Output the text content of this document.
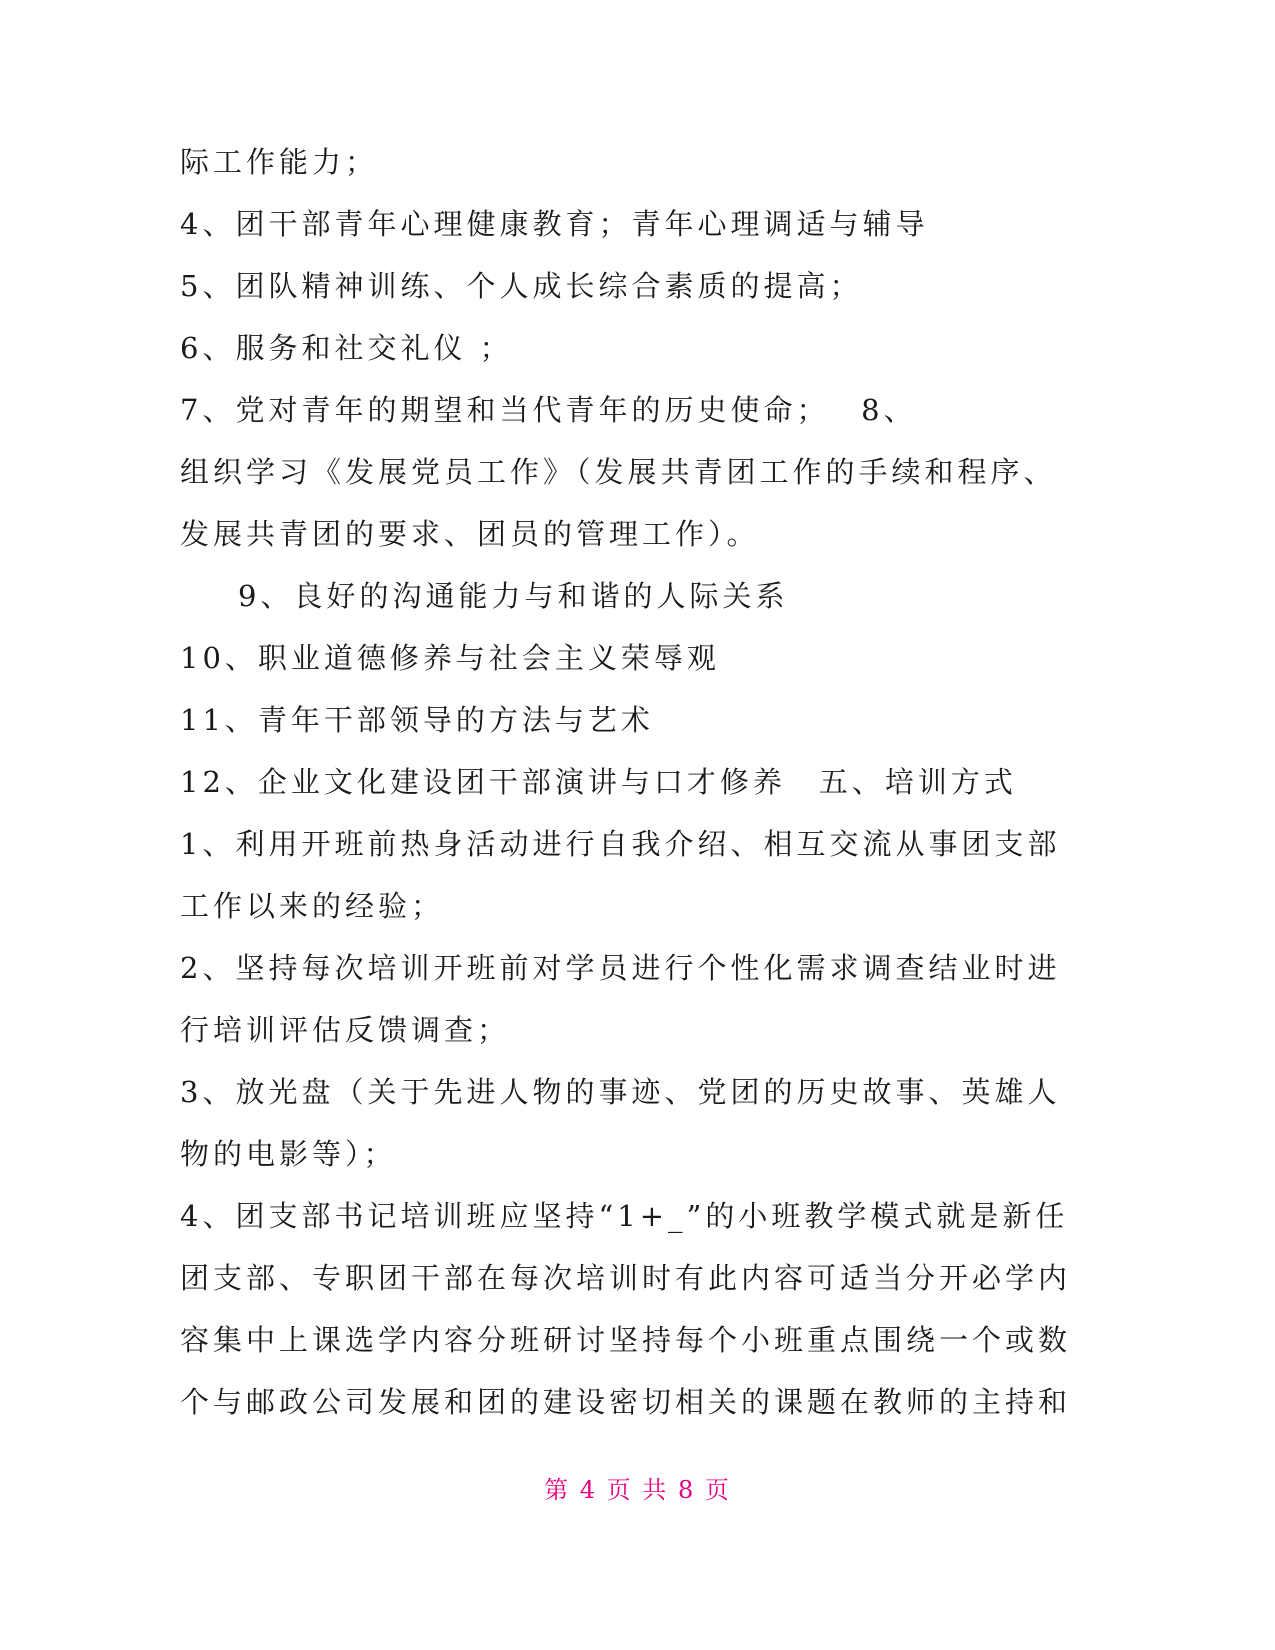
际工作能力；
4、团干部青年心理健康教育；青年心理调适与辅导
5、团队精神训练、个人成长综合素质的提高；
6、服务和社交礼仪 ；
7、党对青年的期望和当代青年的历史使命；　 8、
组织学习《发展党员工作》（发展共青团工作的手续和程序、
发展共青团的要求、团员的管理工作）。
9、良好的沟通能力与和谐的人际关系
10、职业道德修养与社会主义荣辱观
11、青年干部领导的方法与艺术
12、企业文化建设团干部演讲与口才修养　五、培训方式
1、利用开班前热身活动进行自我介绍、相互交流从事团支部
工作以来的经验；
2、坚持每次培训开班前对学员进行个性化需求调查结业时进
行培训评估反馈调查；
3、放光盘（关于先进人物的事迹、党团的历史故事、英雄人
物的电影等）；
4、团支部书记培训班应坚持“1+_”的小班教学模式就是新任
团支部、专职团干部在每次培训时有此内容可适当分开必学内
容集中上课选学内容分班研讨坚持每个小班重点围绕一个或数
个与邮政公司发展和团的建设密切相关的课题在教师的主持和
第 4 页 共 8 页
